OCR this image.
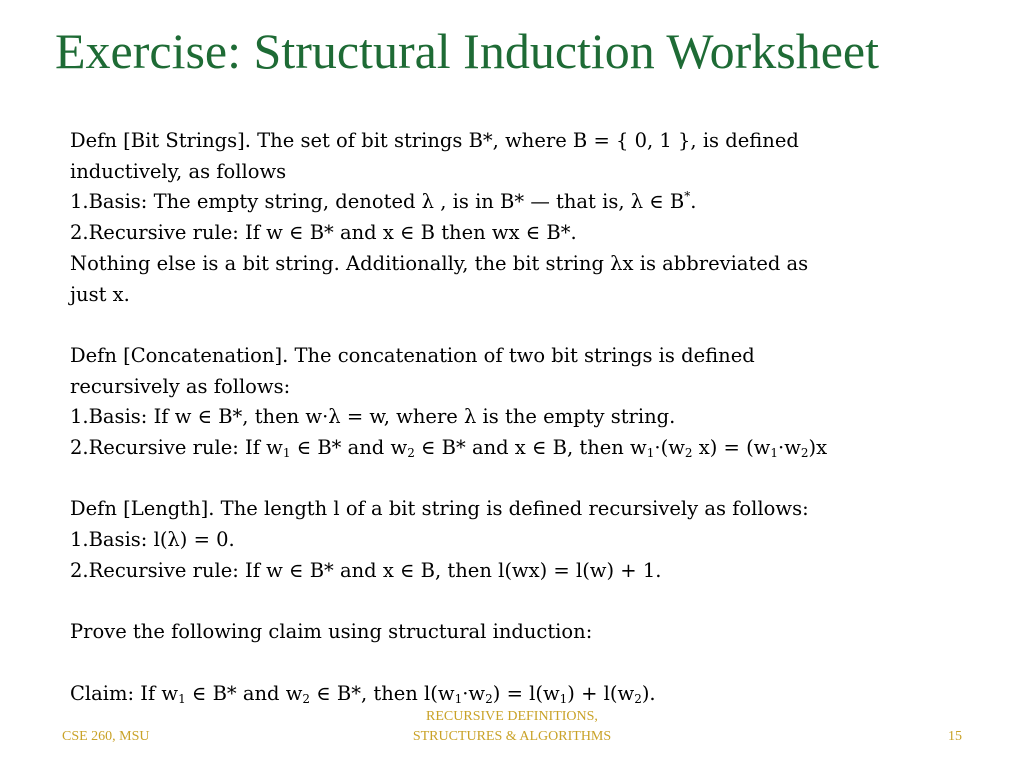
Exercise: Structural Induction Worksheet
Defn [Bit Strings]. The set of bit strings B*, where B = { 0, 1 }, is defined
inductively, as follows
1.Basis: The empty string, denoted λ , is in B* — that is, λ ∈ B*.
2.Recursive rule: If w ∈ B* and x ∈ B then wx ∈ B*.
Nothing else is a bit string. Additionally, the bit string λx is abbreviated as
just x.
Defn [Concatenation]. The concatenation of two bit strings is defined
recursively as follows:
1.Basis: If w ∈ B*, then w·λ = w, where λ is the empty string.
2.Recursive rule: If $w_1$ ∈ B* and $w_2$ ∈ B* and x ∈ B, then $w_1\cdot(w_2$ $x) = (w_1\cdot w_2)x$
Defn [Length]. The length l of a bit string is defined recursively as follows:
1.Basis: l(λ) = 0.
2.Recursive rule: If w ∈ B* and x ∈ B, then l(wx) = l(w) + 1.
Prove the following claim using structural induction:
Claim: If $w_1$ ∈ B* and $w_2$ ∈ B*, then $l(w_1\cdot w_2) = l(w_1) + l(w_2)$.
CSE 260, MSU
RECURSIVE DEFINITIONS,
STRUCTURES & ALGORITHMS	15
